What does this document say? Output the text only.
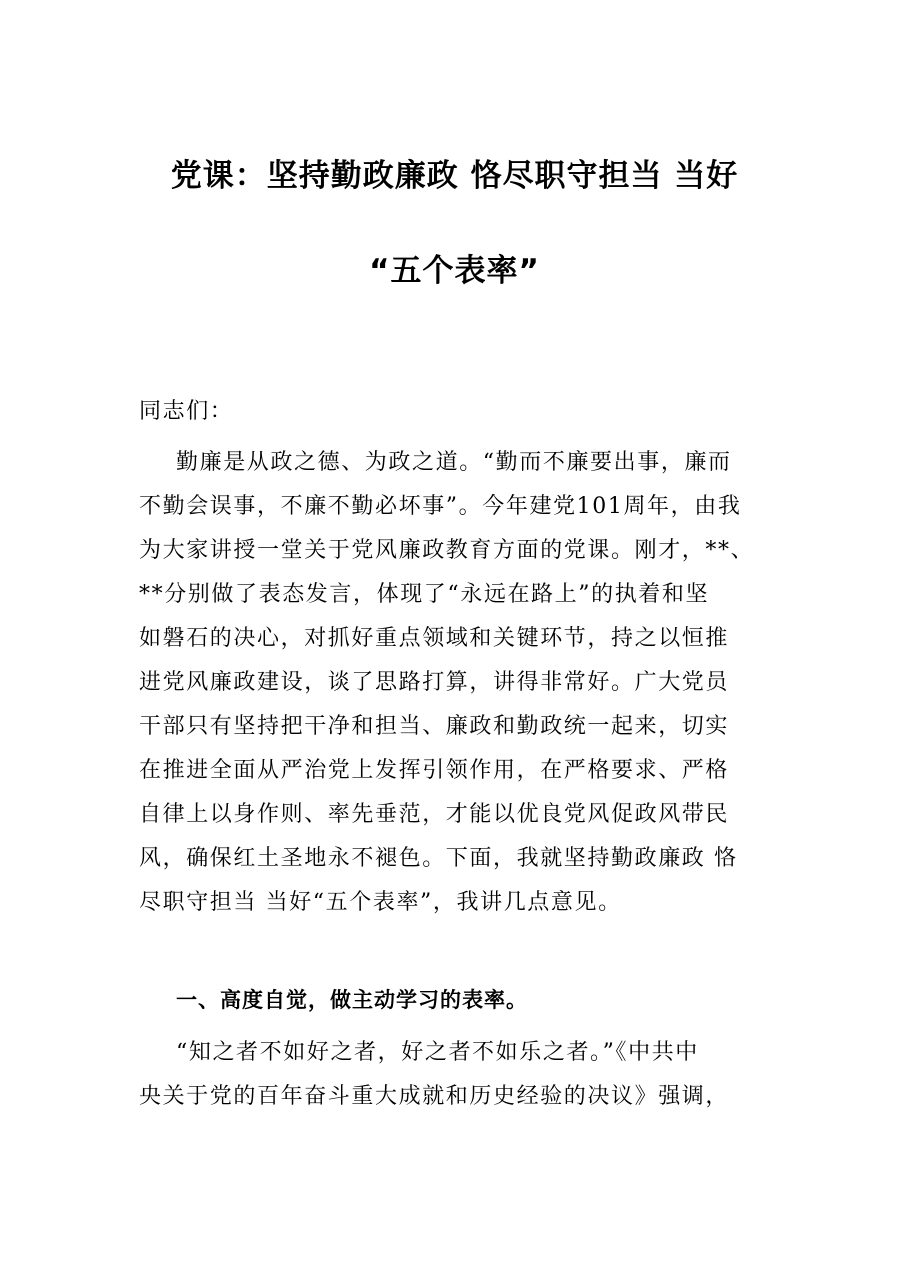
党课：坚持勤政廉政 恪尽职守担当 当好
“五个表率”
同志们：
勤廉是从政之德、为政之道。“勤而不廉要出事，廉而
不勤会误事，不廉不勤必坏事”。今年建党101周年，由我
为大家讲授一堂关于党风廉政教育方面的党课。刚才，**、
**分别做了表态发言，体现了“永远在路上”的执着和坚
如磐石的决心，对抓好重点领域和关键环节，持之以恒推
进党风廉政建设，谈了思路打算，讲得非常好。广大党员
干部只有坚持把干净和担当、廉政和勤政统一起来，切实
在推进全面从严治党上发挥引领作用，在严格要求、严格
自律上以身作则、率先垂范，才能以优良党风促政风带民
风，确保红土圣地永不褪色。下面，我就坚持勤政廉政 恪
尽职守担当 当好“五个表率”，我讲几点意见。
一、高度自觉，做主动学习的表率。
“知之者不如好之者，好之者不如乐之者。”《中共中
央关于党的百年奋斗重大成就和历史经验的决议》强调，
